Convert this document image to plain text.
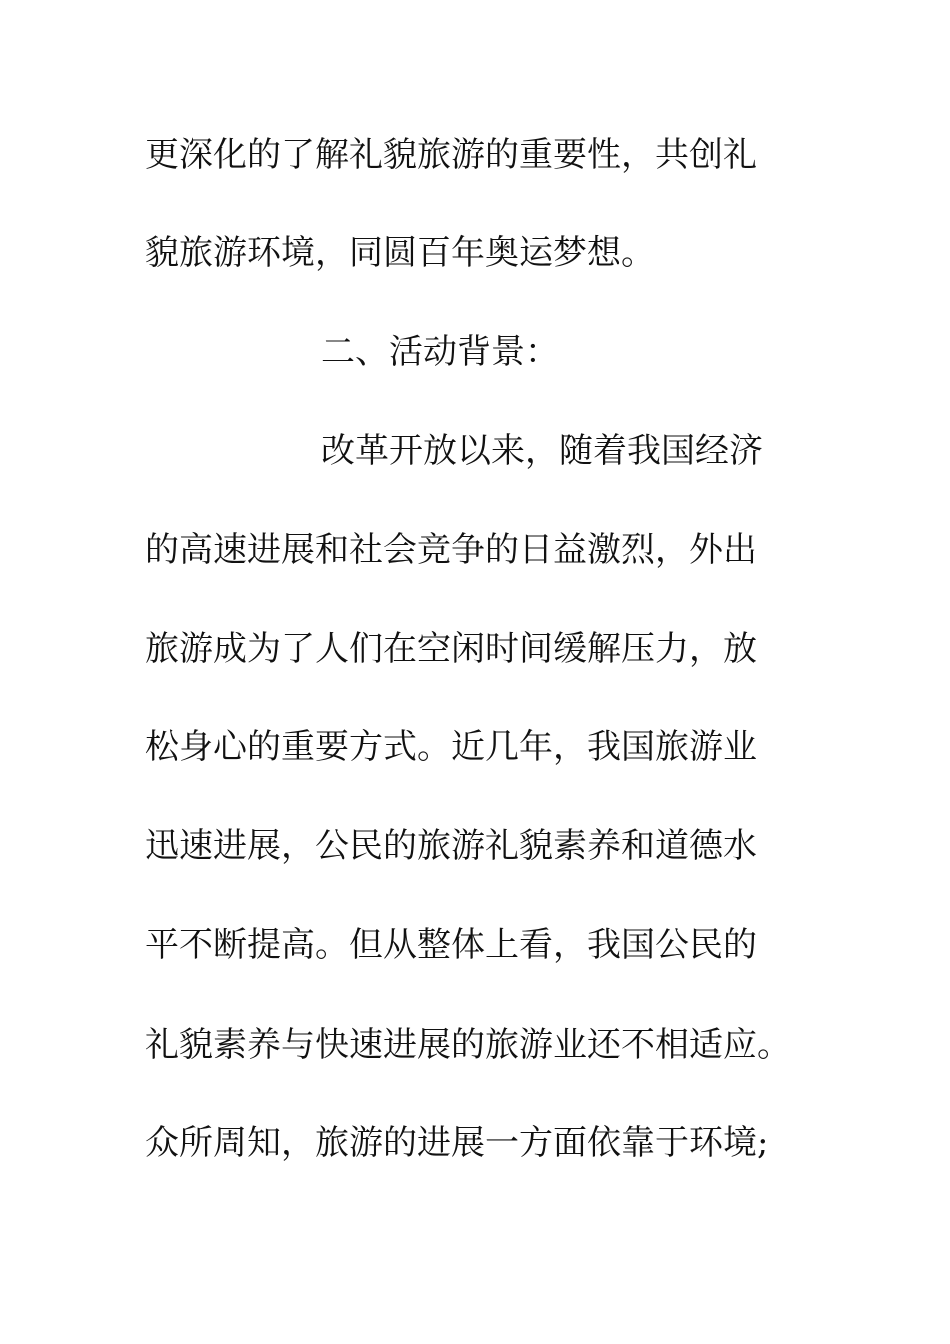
更深化的了解礼貌旅游的重要性，共创礼
貌旅游环境，同圆百年奥运梦想。
二、活动背景：
改革开放以来，随着我国经济
的高速进展和社会竞争的日益激烈，外出
旅游成为了人们在空闲时间缓解压力，放
松身心的重要方式。近几年，我国旅游业
迅速进展，公民的旅游礼貌素养和道德水
平不断提高。但从整体上看，我国公民的
礼貌素养与快速进展的旅游业还不相适应。
众所周知，旅游的进展一方面依靠于环境;
